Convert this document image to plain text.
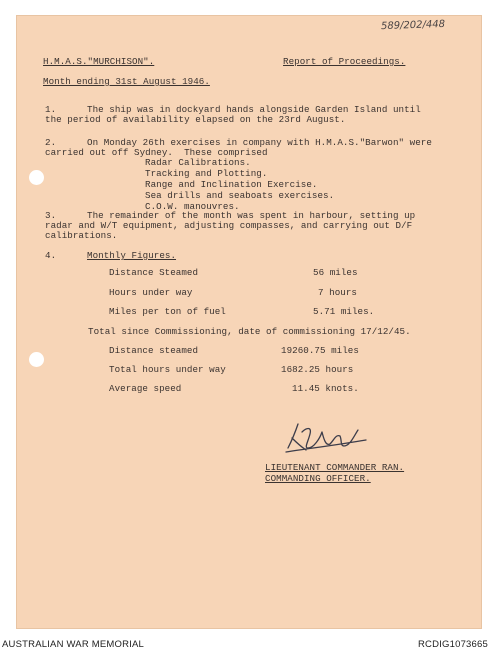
589/202/448
H.M.A.S."MURCHISON".	Report of Proceedings.
Month ending 31st August 1946.
1.	The ship was in dockyard hands alongside Garden Island until
the period of availability elapsed on the 23rd August.
2.	On Monday 26th exercises in company with H.M.A.S."Barwon" were
carried out off Sydney.  These comprised
Radar Calibrations.
Tracking and Plotting.
Range and Inclination Exercise.
Sea drills and seaboats exercises.
C.O.W. manouvres.
3.	The remainder of the month was spent in harbour, setting up
radar and W/T equipment, adjusting compasses, and carrying out D/F
calibrations.
4.	Monthly Figures.
Distance Steamed	56 miles
Hours under way	7 hours
Miles per ton of fuel	5.71 miles.
Total since Commissioning, date of commissioning 17/12/45.
Distance steamed	19260.75 miles
Total hours under way	1682.25 hours
Average speed	11.45 knots.
LIEUTENANT COMMANDER RAN.
COMMANDING OFFICER.
AUSTRALIAN WAR MEMORIAL	RCDIG1073665
